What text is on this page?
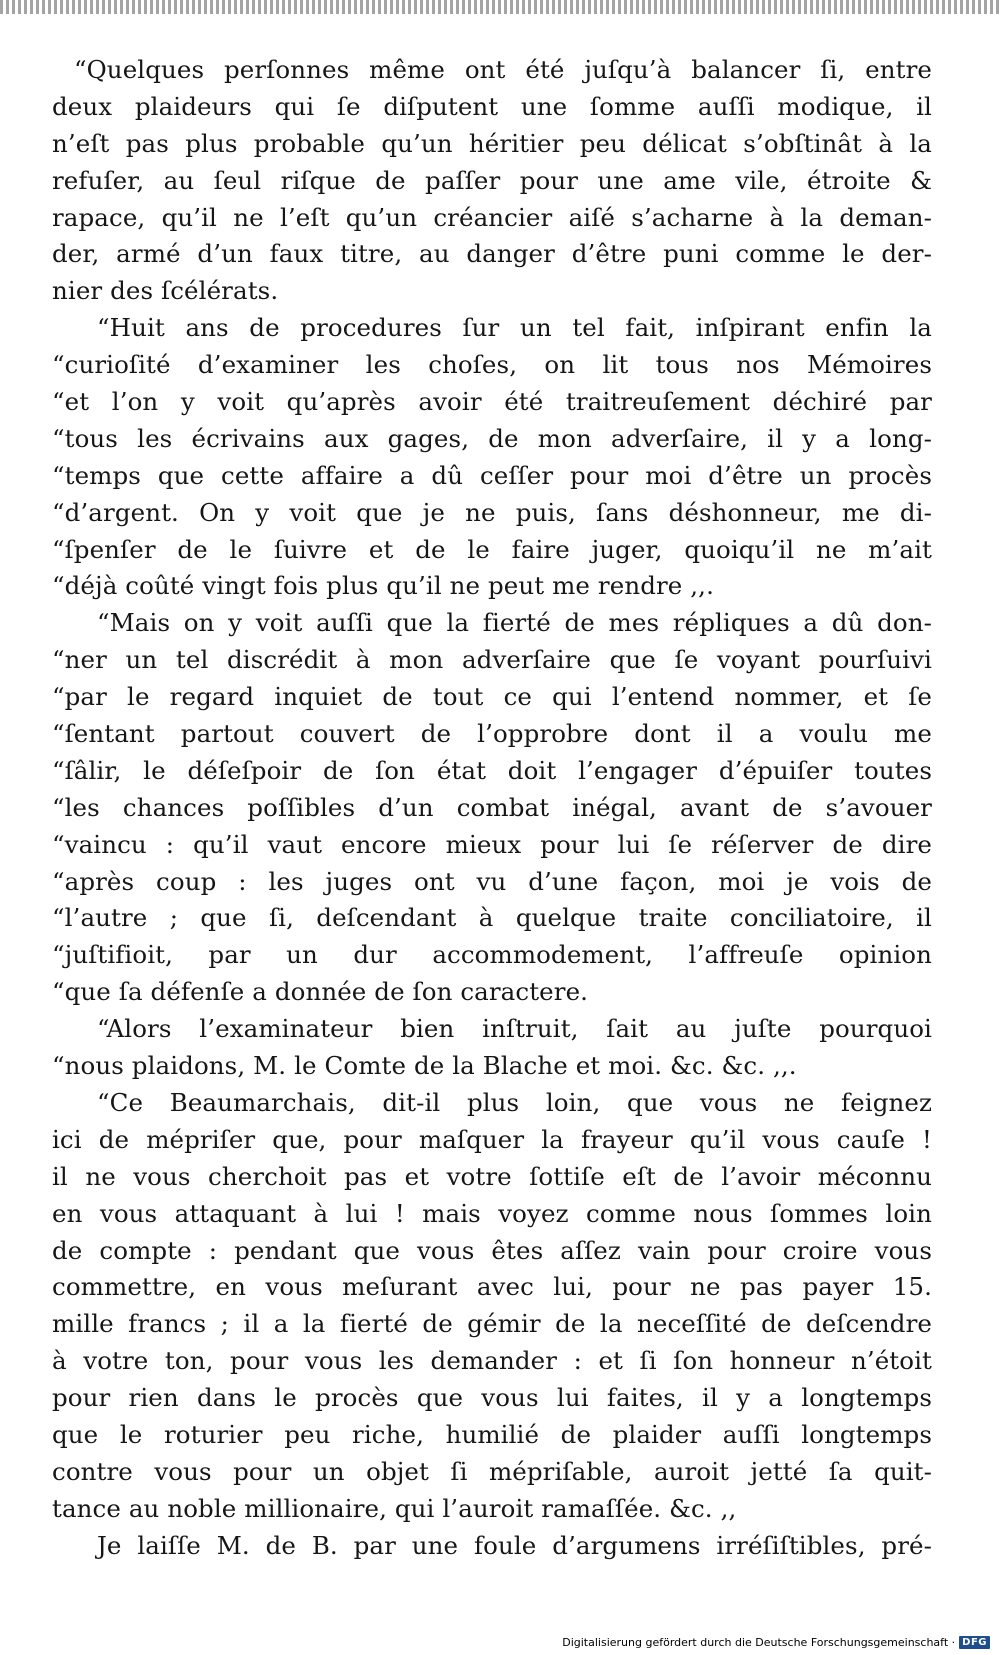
“Quelques perſonnes même ont été juſqu’à balancer ſi, entre
deux plaideurs qui ſe diſputent une ſomme auſſi modique, il
n’eſt pas plus probable qu’un héritier peu délicat s’obſtinât à la
refuſer, au ſeul riſque de paſſer pour une ame vile, étroite &
rapace, qu’il ne l’eſt qu’un créancier aiſé s’acharne à la deman-
der, armé d’un faux titre, au danger d’être puni comme le der-
nier des ſcélérats.
“Huit ans de procedures ſur un tel fait, inſpirant enfin la
“curioſité d’examiner les choſes, on lit tous nos Mémoires
“et l’on y voit qu’après avoir été traitreuſement déchiré par
“tous les écrivains aux gages, de mon adverſaire, il y a long-
“temps que cette affaire a dû ceſſer pour moi d’être un procès
“d’argent. On y voit que je ne puis, ſans déshonneur, me di-
“ſpenſer de le ſuivre et de le faire juger, quoiqu’il ne m’ait
“déjà coûté vingt fois plus qu’il ne peut me rendre ,,.
“Mais on y voit auſſi que la fierté de mes répliques a dû don-
“ner un tel discrédit à mon adverſaire que ſe voyant pourſuivi
“par le regard inquiet de tout ce qui l’entend nommer, et ſe
“ſentant partout couvert de l’opprobre dont il a voulu me
“ſâlir, le déſeſpoir de ſon état doit l’engager d’épuiſer toutes
“les chances poſſibles d’un combat inégal, avant de s’avouer
“vaincu : qu’il vaut encore mieux pour lui ſe réſerver de dire
“après coup : les juges ont vu d’une façon, moi je vois de
“l’autre ; que ſi, deſcendant à quelque traite conciliatoire, il
“juſtifioit, par un dur accommodement, l’affreuſe opinion
“que ſa défenſe a donnée de ſon caractere.
“Alors l’examinateur bien inſtruit, ſait au juſte pourquoi
“nous plaidons, M. le Comte de la Blache et moi. &c. &c. ,,.
“Ce Beaumarchais, dit-il plus loin, que vous ne feignez
ici de mépriſer que, pour maſquer la frayeur qu’il vous cauſe !
il ne vous cherchoit pas et votre ſottiſe eſt de l’avoir méconnu
en vous attaquant à lui ! mais voyez comme nous ſommes loin
de compte : pendant que vous êtes aſſez vain pour croire vous
commettre, en vous meſurant avec lui, pour ne pas payer 15.
mille francs ; il a la fierté de gémir de la neceſſité de deſcendre
à votre ton, pour vous les demander : et ſi ſon honneur n’étoit
pour rien dans le procès que vous lui faites, il y a longtemps
que le roturier peu riche, humilié de plaider auſſi longtemps
contre vous pour un objet ſi mépriſable, auroit jetté ſa quit-
tance au noble millionaire, qui l’auroit ramaſſée. &c. ,,
Je laiſſe M. de B. par une foule d’argumens irréſiſtibles, pré-
Digitalisierung gefördert durch die Deutsche Forschungsgemeinschaft · DFG
